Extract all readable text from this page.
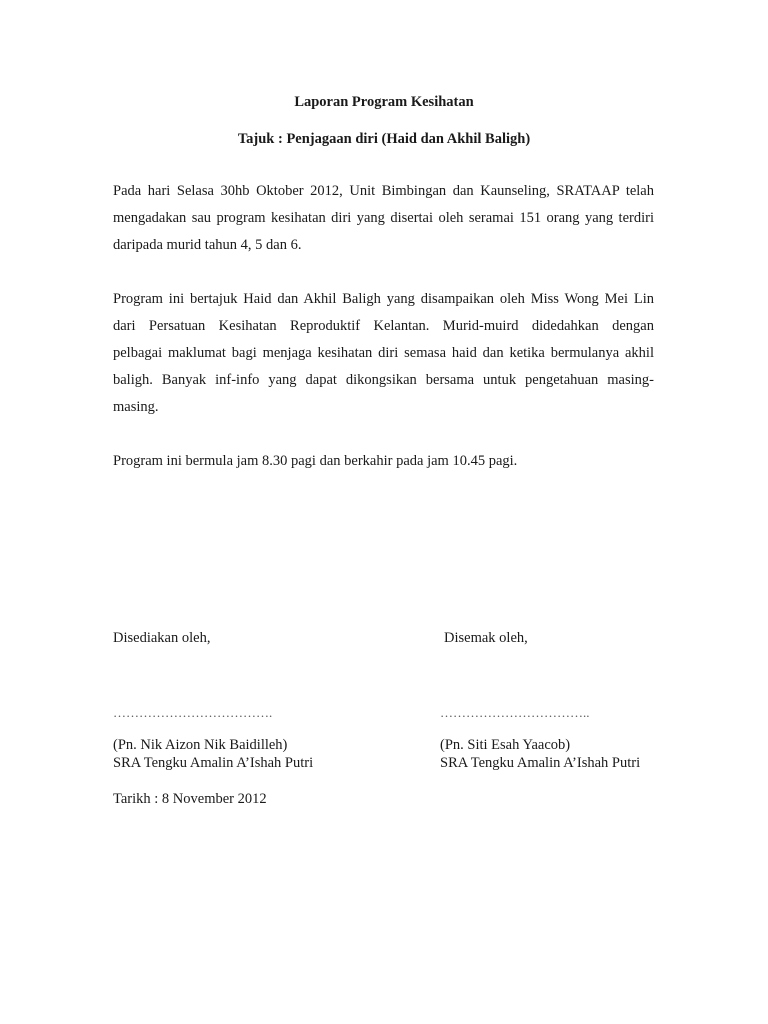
Laporan Program Kesihatan
Tajuk : Penjagaan diri (Haid dan Akhil Baligh)
Pada hari Selasa 30hb Oktober 2012, Unit Bimbingan dan Kaunseling, SRATAAP telah
mengadakan sau program kesihatan diri yang disertai oleh seramai 151 orang yang terdiri
daripada murid tahun 4, 5 dan 6.
Program ini bertajuk Haid dan Akhil Baligh yang disampaikan oleh Miss Wong Mei Lin
dari Persatuan Kesihatan Reproduktif Kelantan. Murid-muird didedahkan dengan
pelbagai maklumat bagi menjaga kesihatan diri semasa haid dan ketika bermulanya akhil
baligh. Banyak inf-info yang dapat dikongsikan bersama untuk pengetahuan masing-
masing.
Program ini bermula jam 8.30 pagi dan berkahir pada jam 10.45 pagi.
Disediakan oleh,	Disemak oleh,
……………………………….	……………………………..
(Pn. Nik Aizon Nik Baidilleh)	(Pn. Siti Esah Yaacob)
SRA Tengku Amalin A’Ishah Putri	SRA Tengku Amalin A’Ishah Putri
Tarikh : 8 November 2012
